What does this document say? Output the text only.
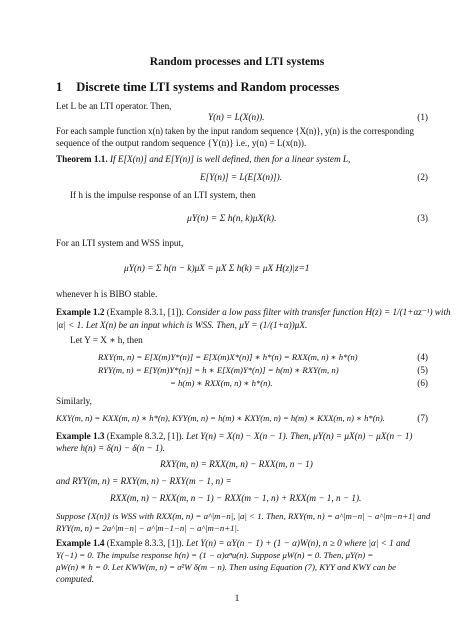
Random processes and LTI systems
1 Discrete time LTI systems and Random processes
Let L be an LTI operator. Then,
Y(n) = L(X(n)).	(1)
For each sample function x(n) taken by the input random sequence {X(n)}, y(n) is the corresponding
sequence of the output random sequence {Y(n)} i.e., y(n) = L(x(n)).
Theorem 1.1. If E[X(n)] and E[Y(n)] is well defined, then for a linear system L,
E[Y(n)] = L(E[X(n)]).	(2)
If h is the impulse response of an LTI system, then
μY(n) = Σ h(n, k)μX(k).	(3)
For an LTI system and WSS input,
μY(n) = Σ h(n − k)μX = μX Σ h(k) = μX H(z)|z=1
whenever h is BIBO stable.
Example 1.2 (Example 8.3.1, [1]). Consider a low pass filter with transfer function H(z) = 1/(1+αz⁻¹) with
|α| < 1. Let X(n) be an input which is WSS. Then, μY = (1/(1+α))μX.
Let Y = X ∗ h, then
RXY(m, n) = E[X(m)Y*(n)] = E[X(m)X*(n)] ∗ h*(n) = RXX(m, n) ∗ h*(n)	(4)
RYY(m, n) = E[Y(m)Y*(n)] = h ∗ E[X(m)Y*(n)] = h(m) ∗ RXY(m, n)	(5)
= h(m) ∗ RXX(m, n) ∗ h*(n).	(6)
Similarly,
KXY(m, n) = KXX(m, n) ∗ h*(n), KYY(m, n) = h(m) ∗ KXY(m, n) = h(m) ∗ KXX(m, n) ∗ h*(n).	(7)
Example 1.3 (Example 8.3.2, [1]). Let Y(n) = X(n) − X(n − 1). Then, μY(n) = μX(n) − μX(n − 1)
where h(n) = δ(n) − δ(n − 1).
RXY(m, n) = RXX(m, n) − RXX(m, n − 1)
and RYY(m, n) = RXY(m, n) − RXY(m − 1, n) =
RXX(m, n) − RXX(m, n − 1) − RXX(m − 1, n) + RXX(m − 1, n − 1).
Suppose {X(n)} is WSS with RXX(m, n) = a^|m−n|, |a| < 1. Then, RXY(m, n) = a^|m−n| − a^|m−n+1| and
RYY(m, n) = 2a^|m−n| − a^|m−1−n| − a^|m−n+1|.
Example 1.4 (Example 8.3.3, [1]). Let Y(n) = αY(n − 1) + (1 − α)W(n), n ≥ 0 where |α| < 1 and
Y(−1) = 0. The impulse response h(n) = (1 − α)αⁿu(n). Suppose μW(n) = 0. Then, μY(n) =
μW(n) ∗ h = 0. Let KWW(m, n) = σ²W δ(m − n). Then using Equation (7), KYY and KWY can be
computed.
1
